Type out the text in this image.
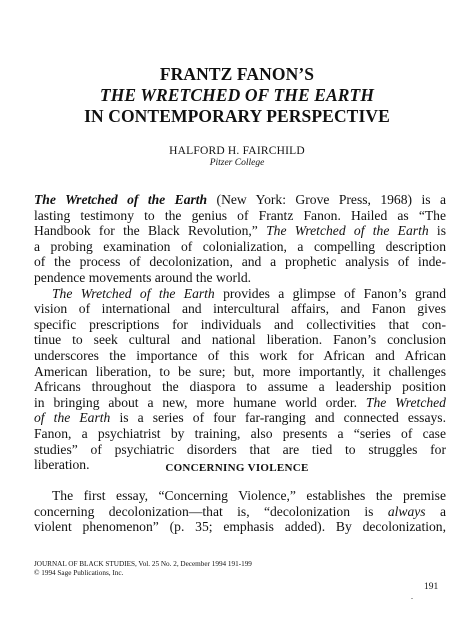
FRANTZ FANON’S
THE WRETCHED OF THE EARTH
IN CONTEMPORARY PERSPECTIVE
HALFORD H. FAIRCHILD
Pitzer College
The Wretched of the Earth (New York: Grove Press, 1968) is a
lasting testimony to the genius of Frantz Fanon. Hailed as “The
Handbook for the Black Revolution,” The Wretched of the Earth is
a probing examination of colonialization, a compelling description
of the process of decolonization, and a prophetic analysis of inde-
pendence movements around the world.
The Wretched of the Earth provides a glimpse of Fanon’s grand
vision of international and intercultural affairs, and Fanon gives
specific prescriptions for individuals and collectivities that con-
tinue to seek cultural and national liberation. Fanon’s conclusion
underscores the importance of this work for African and African
American liberation, to be sure; but, more importantly, it challenges
Africans throughout the diaspora to assume a leadership position
in bringing about a new, more humane world order. The Wretched
of the Earth is a series of four far-ranging and connected essays.
Fanon, a psychiatrist by training, also presents a “series of case
studies” of psychiatric disorders that are tied to struggles for
liberation.	CONCERNING VIOLENCE
The first essay, “Concerning Violence,” establishes the premise
concerning decolonization—that is, “decolonization is always a
violent phenomenon” (p. 35; emphasis added). By decolonization,
JOURNAL OF BLACK STUDIES, Vol. 25 No. 2, December 1994 191-199
© 1994 Sage Publications, Inc.
.
191
